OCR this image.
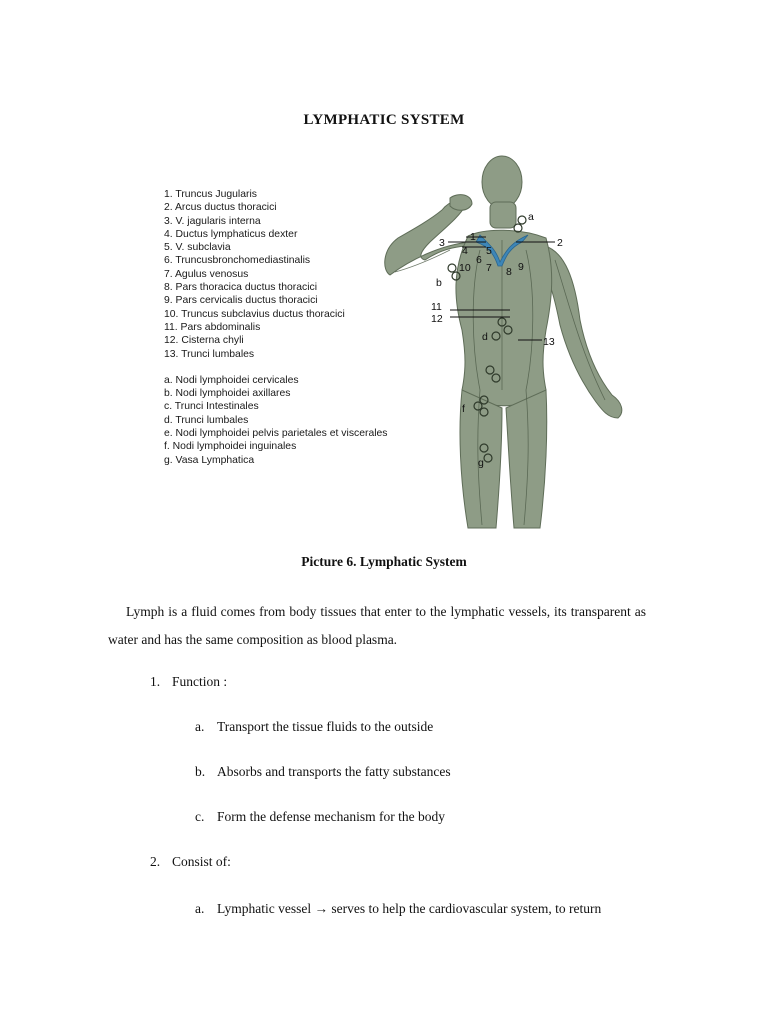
LYMPHATIC SYSTEM
1. Truncus Jugularis
2. Arcus ductus thoracici
3. V. jagularis interna
4. Ductus lymphaticus dexter
5. V. subclavia
6. Truncusbronchomediastinalis
7. Agulus venosus
8. Pars thoracica ductus thoracici
9. Pars cervicalis ductus thoracici
10. Truncus subclavius ductus thoracici
11. Pars abdominalis
12. Cisterna chyli
13. Trunci lumbales
a. Nodi lymphoidei cervicales
b. Nodi lymphoidei axillares
c. Trunci Intestinales
d. Trunci lumbales
e. Nodi lymphoidei pelvis parietales et viscerales
f. Nodi lymphoidei inguinales
g. Vasa Lymphatica
1	2
3
4 5
6
7 8 9
10
11
12
13
a
b
d
f
g
Picture 6. Lymphatic System
Lymph is a fluid comes from body tissues that enter to the lymphatic vessels, its transparent as water and has the same composition as blood plasma.
1. Function :
a. Transport the tissue fluids to the outside
b. Absorbs and transports the fatty substances
c. Form the defense mechanism for the body
2. Consist of:
a. Lymphatic vessel → serves to help the cardiovascular system, to return
